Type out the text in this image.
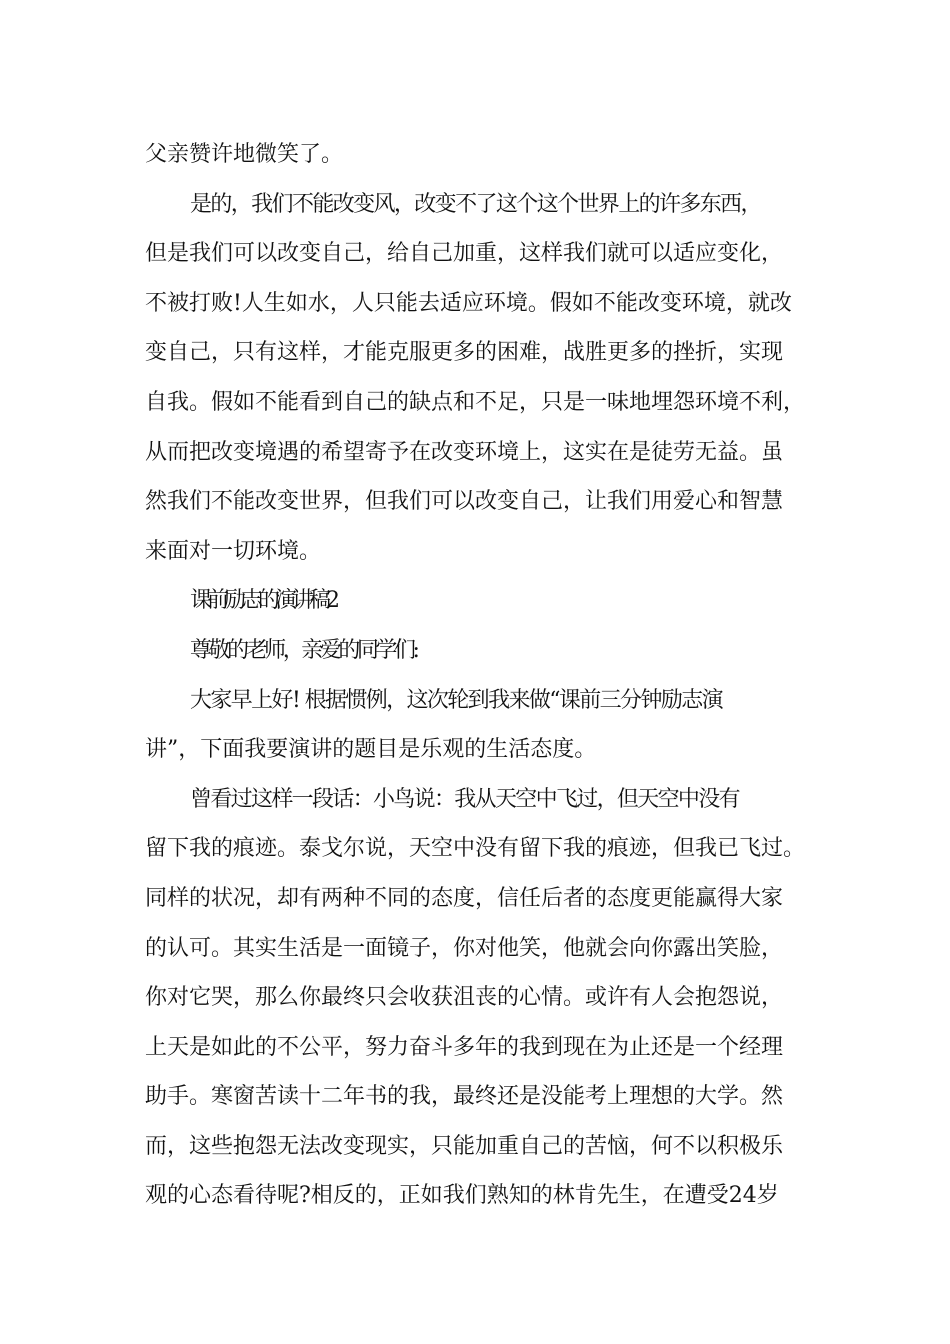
父亲赞许地微笑了。
是的，我们不能改变风，改变不了这个这个世界上的许多东西，
但是我们可以改变自己，给自己加重，这样我们就可以适应变化，
不被打败!人生如水，人只能去适应环境。假如不能改变环境，就改
变自己，只有这样，才能克服更多的困难，战胜更多的挫折，实现
自我。假如不能看到自己的缺点和不足，只是一味地埋怨环境不利，
从而把改变境遇的希望寄予在改变环境上，这实在是徒劳无益。虽
然我们不能改变世界，但我们可以改变自己，让我们用爱心和智慧
来面对一切环境。
课前励志的演讲稿2
尊敬的老师，亲爱的同学们:
大家早上好! 根据惯例，这次轮到我来做“课前三分钟励志演
讲”，下面我要演讲的题目是乐观的生活态度。
曾看过这样一段话：小鸟说：我从天空中飞过，但天空中没有
留下我的痕迹。泰戈尔说，天空中没有留下我的痕迹，但我已飞过。
同样的状况，却有两种不同的态度，信任后者的态度更能赢得大家
的认可。其实生活是一面镜子，你对他笑，他就会向你露出笑脸，
你对它哭，那么你最终只会收获沮丧的心情。或许有人会抱怨说，
上天是如此的不公平，努力奋斗多年的我到现在为止还是一个经理
助手。寒窗苦读十二年书的我，最终还是没能考上理想的大学。然
而，这些抱怨无法改变现实，只能加重自己的苦恼，何不以积极乐
观的心态看待呢?相反的，正如我们熟知的林肯先生，在遭受24岁
